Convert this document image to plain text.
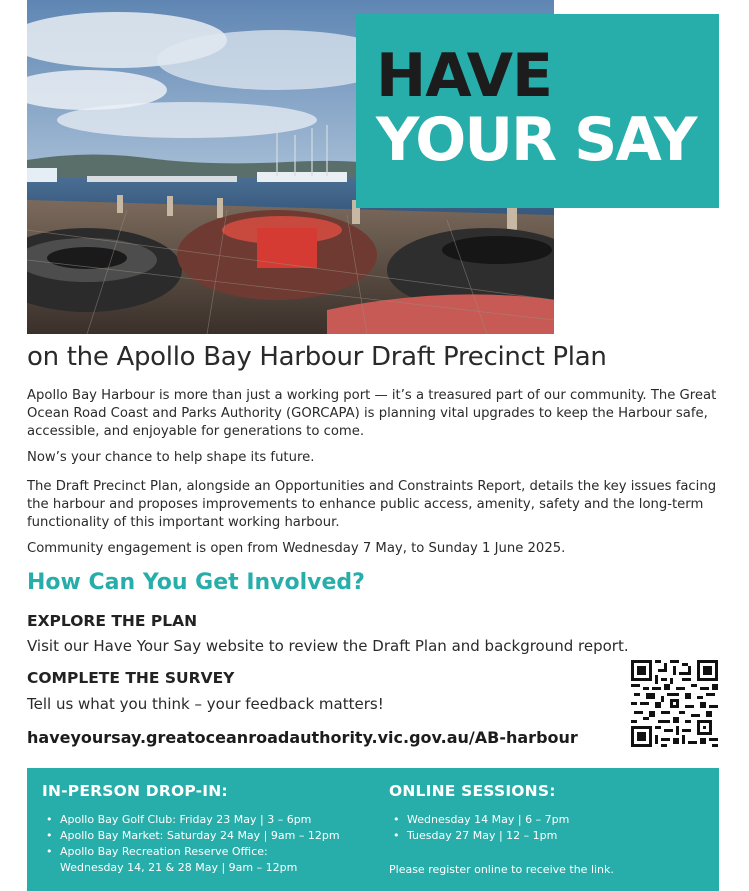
HAVE
YOUR SAY
on the Apollo Bay Harbour Draft Precinct Plan

Apollo Bay Harbour is more than just a working port — it’s a treasured part of our community. The Great Ocean Road Coast and Parks Authority (GORCAPA) is planning vital upgrades to keep the Harbour safe, accessible, and enjoyable for generations to come.

Now’s your chance to help shape its future.

The Draft Precinct Plan, alongside an Opportunities and Constraints Report, details the key issues facing the harbour and proposes improvements to enhance public access, amenity, safety and the long-term functionality of this important working harbour.

Community engagement is open from Wednesday 7 May, to Sunday 1 June 2025.

How Can You Get Involved?
EXPLORE THE PLAN
Visit our Have Your Say website to review the Draft Plan and background report.
COMPLETE THE SURVEY
Tell us what you think – your feedback matters!
haveyoursay.greatoceanroadauthority.vic.gov.au/AB-harbour
IN-PERSON DROP-IN:
• Apollo Bay Golf Club: Friday 23 May | 3 – 6pm
• Apollo Bay Market: Saturday 24 May | 9am – 12pm
• Apollo Bay Recreation Reserve Office:
Wednesday 14, 21 & 28 May | 9am – 12pm
ONLINE SESSIONS:
• Wednesday 14 May | 6 – 7pm
• Tuesday 27 May | 12 – 1pm
Please register online to receive the link.
